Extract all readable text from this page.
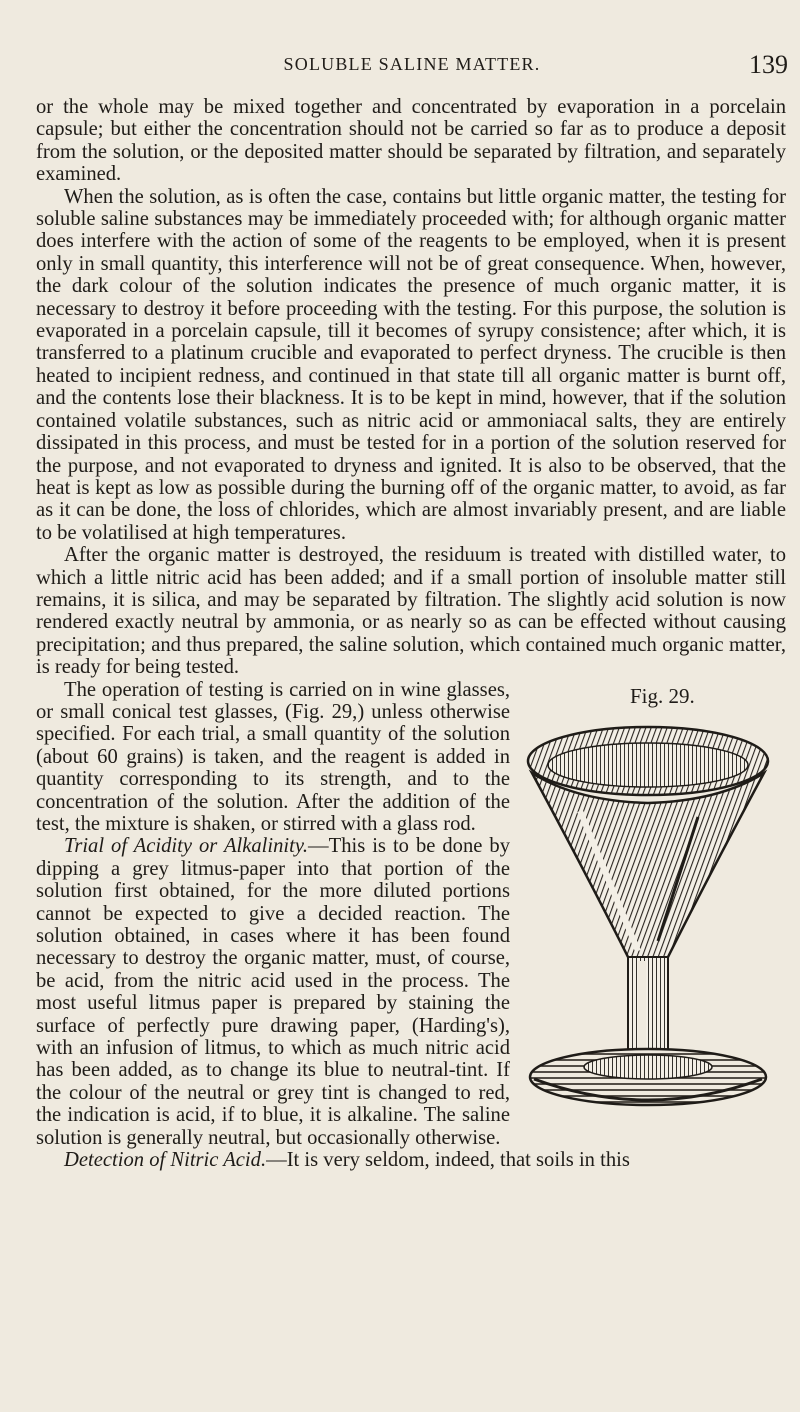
SOLUBLE SALINE MATTER.	139

or the whole may be mixed together and concentrated by evaporation in a porcelain capsule; but either the concentration should not be carried so far as to produce a deposit from the solution, or the deposited matter should be separated by filtration, and separately examined.

When the solution, as is often the case, contains but little organic matter, the testing for soluble saline substances may be immediately proceeded with; for although organic matter does interfere with the action of some of the reagents to be employed, when it is present only in small quantity, this interference will not be of great consequence. When, however, the dark colour of the solution indicates the presence of much organic matter, it is necessary to destroy it before proceeding with the testing. For this purpose, the solution is evaporated in a porcelain capsule, till it becomes of syrupy consistence; after which, it is transferred to a platinum crucible and evaporated to perfect dryness. The crucible is then heated to incipient redness, and continued in that state till all organic matter is burnt off, and the contents lose their blackness. It is to be kept in mind, however, that if the solution contained volatile substances, such as nitric acid or ammoniacal salts, they are entirely dissipated in this process, and must be tested for in a portion of the solution reserved for the purpose, and not evaporated to dryness and ignited. It is also to be observed, that the heat is kept as low as possible during the burning off of the organic matter, to avoid, as far as it can be done, the loss of chlorides, which are almost invariably present, and are liable to be volatilised at high temperatures.

After the organic matter is destroyed, the residuum is treated with distilled water, to which a little nitric acid has been added; and if a small portion of insoluble matter still remains, it is silica, and may be separated by filtration. The slightly acid solution is now rendered exactly neutral by ammonia, or as nearly so as can be effected without causing precipitation; and thus prepared, the saline solution, which contained much organic matter, is ready for being tested.

Fig. 29.

The operation of testing is carried on in wine glasses, or small conical test glasses, (Fig. 29,) unless otherwise specified. For each trial, a small quantity of the solution (about 60 grains) is taken, and the reagent is added in quantity corresponding to its strength, and to the concentration of the solution. After the addition of the test, the mixture is shaken, or stirred with a glass rod.

Trial of Acidity or Alkalinity.—This is to be done by dipping a grey litmus-paper into that portion of the solution first obtained, for the more diluted portions cannot be expected to give a decided reaction. The solution obtained, in cases where it has been found necessary to destroy the organic matter, must, of course, be acid, from the nitric acid used in the process. The most useful litmus paper is prepared by staining the surface of perfectly pure drawing paper, (Harding's), with an infusion of litmus, to which as much nitric acid has been added, as to change its blue to neutral-tint. If the colour of the neutral or grey tint is changed to red, the indication is acid, if to blue, it is alkaline. The saline solution is generally neutral, but occasionally otherwise.

Detection of Nitric Acid.—It is very seldom, indeed, that soils in this
